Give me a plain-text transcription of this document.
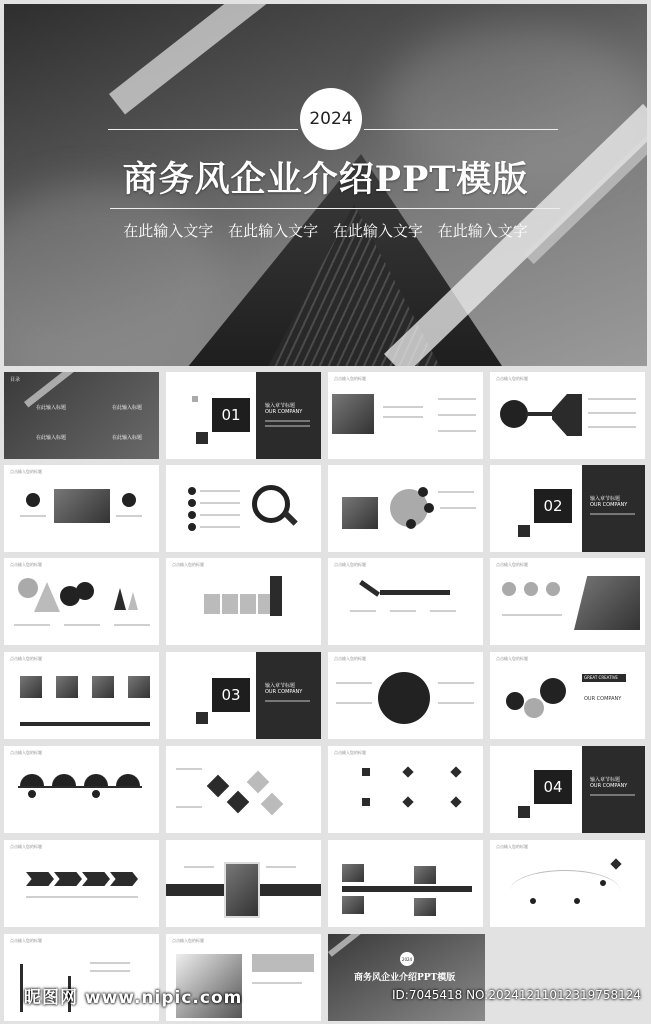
2024
商务风企业介绍PPT模版
在此输入文字 在此输入文字 在此输入文字 在此输入文字
目录
在此输入标题	在此输入标题
在此输入标题	在此输入标题
01	输入章节标题
OUR COMPANY
点击输入您的标题	点击输入您的标题
点击输入您的标题
02	输入章节标题
OUR COMPANY
点击输入您的标题	点击输入您的标题	点击输入您的标题	点击输入您的标题
点击输入您的标题
03	输入章节标题
OUR COMPANY
点击输入您的标题	点击输入您的标题
GREAT CREATIVE
OUR COMPANY
点击输入您的标题	点击输入您的标题
04	输入章节标题
OUR COMPANY
点击输入您的标题	点击输入您的标题
点击输入您的标题	点击输入您的标题
2024
商务风企业介绍PPT模版
昵图网 www.nipic.com	ID:7045418 NO:20241211012319758124
